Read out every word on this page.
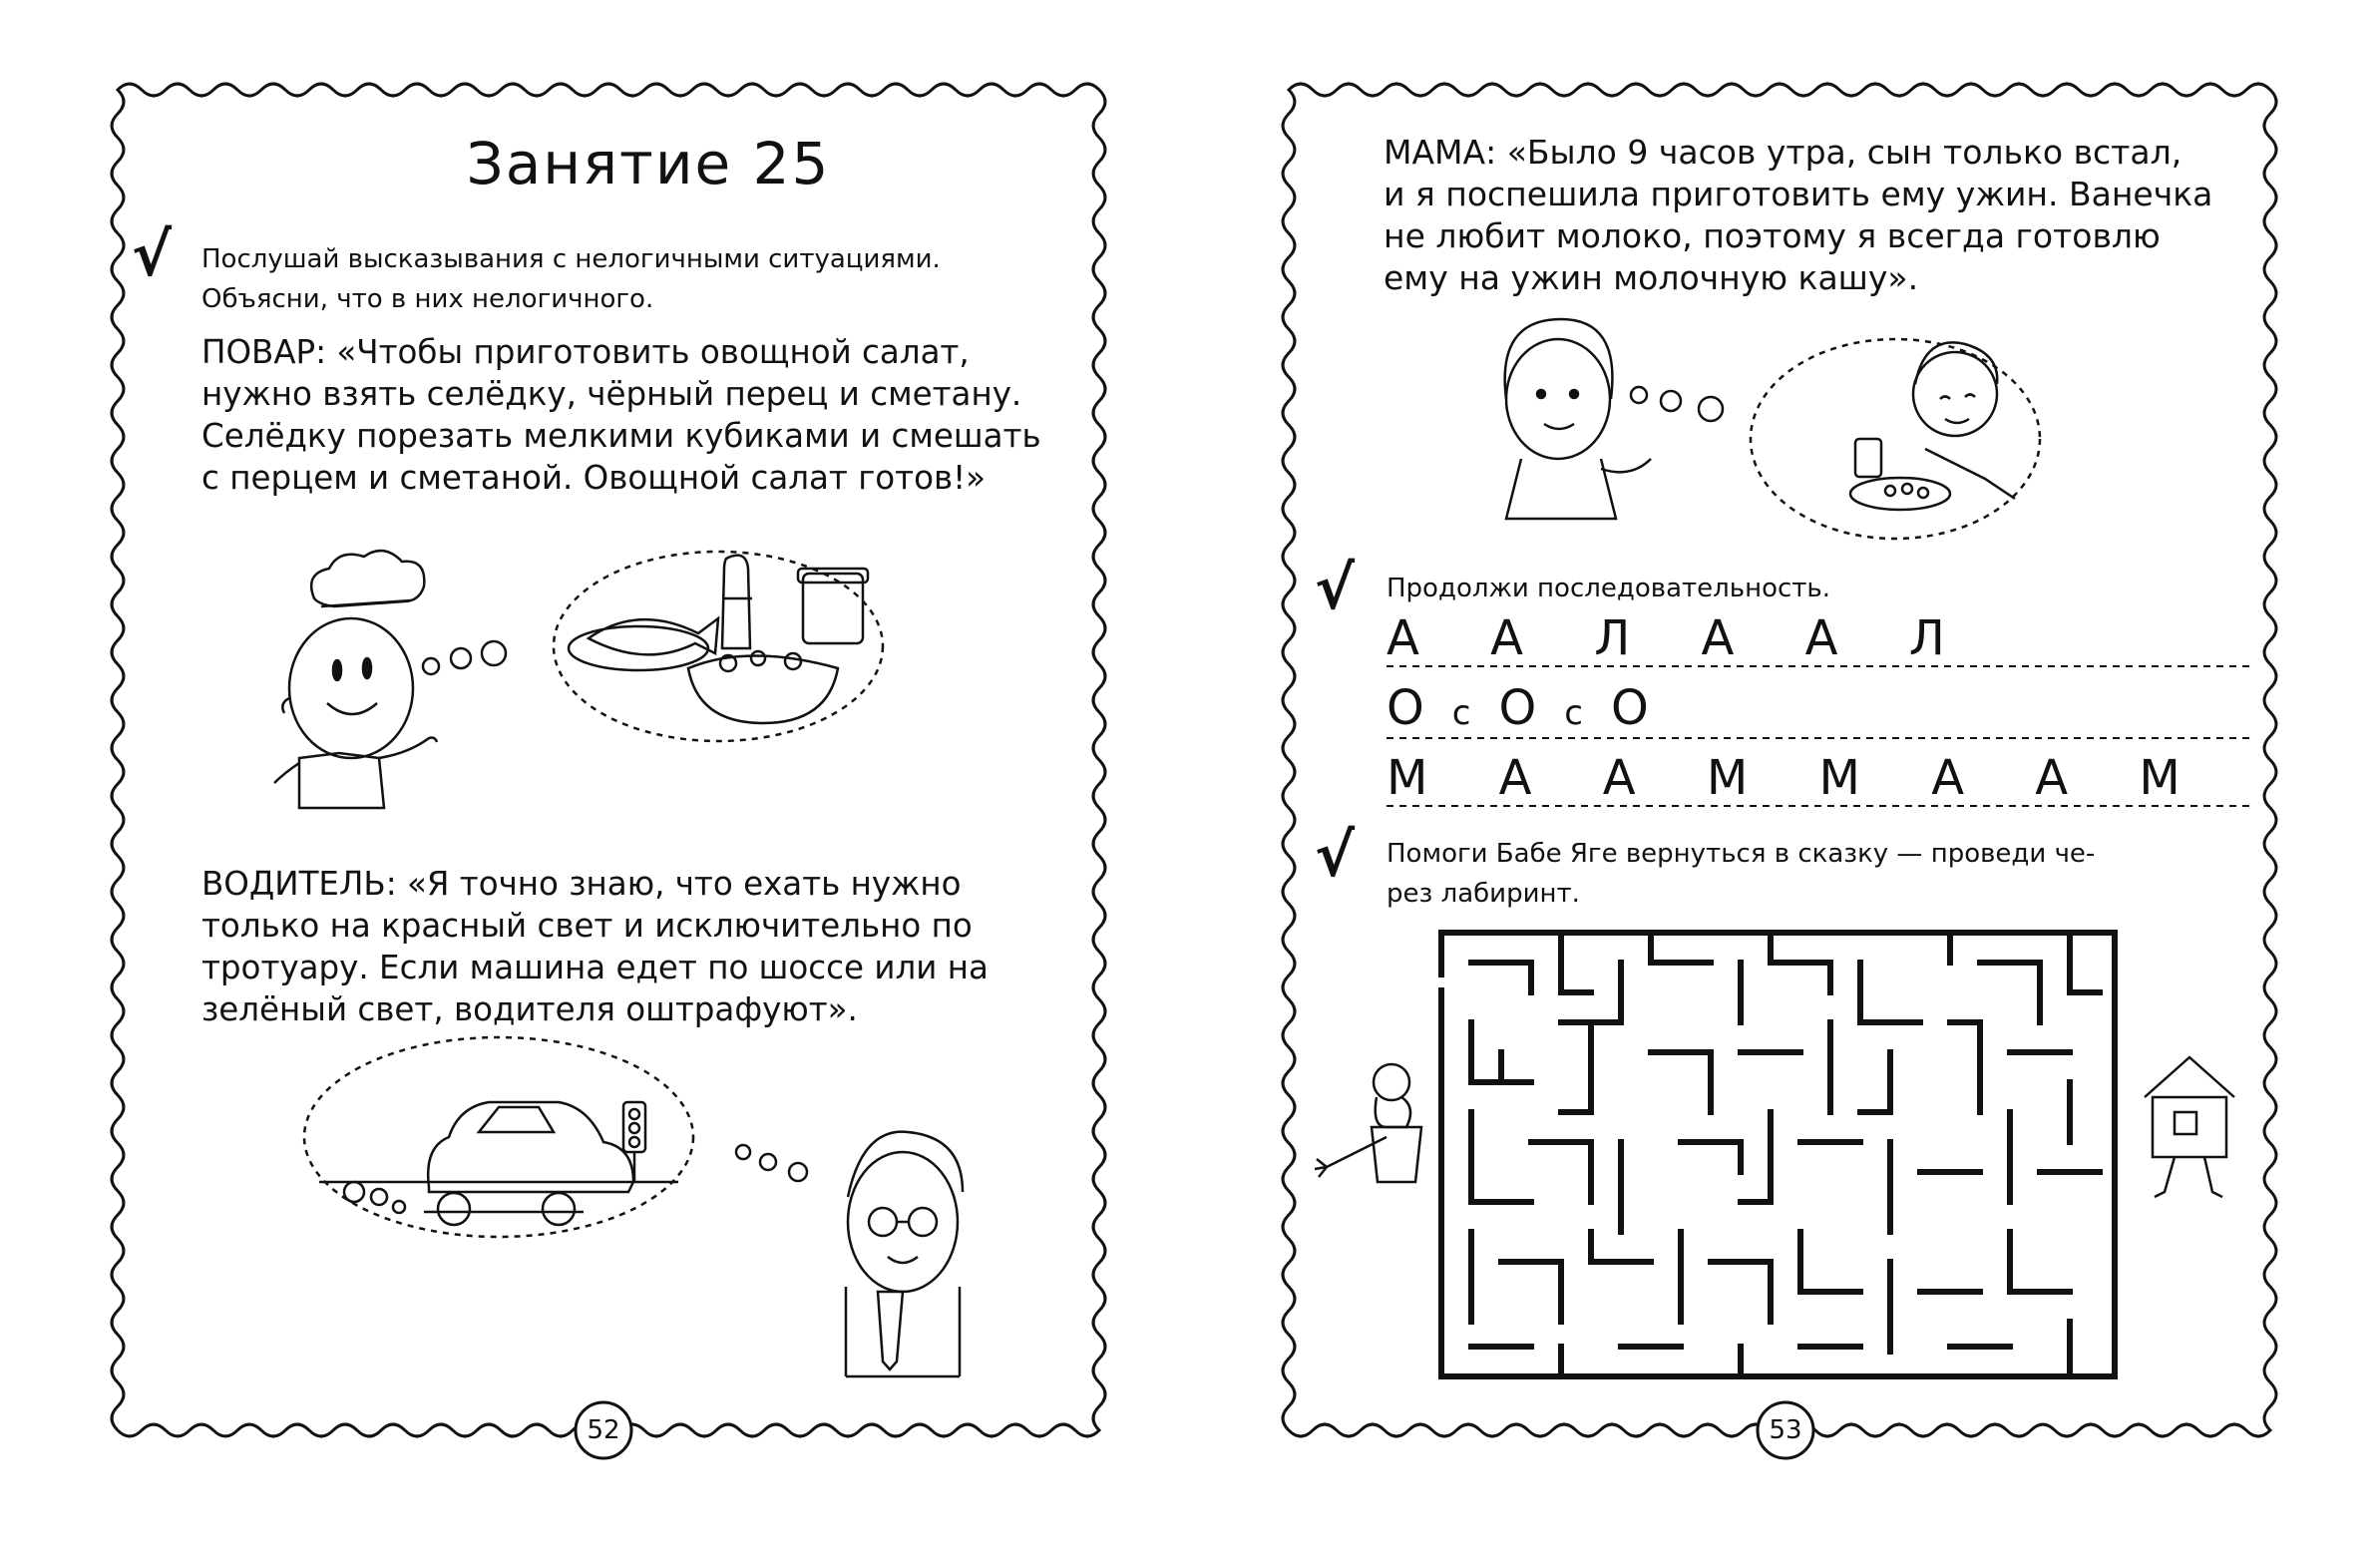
Занятие 25
√ Послушай высказывания с нелогичными ситуациями.
Объясни, что в них нелогичного.
ПОВАР: «Чтобы приготовить овощной салат,
нужно взять селёдку, чёрный перец и сметану.
Селёдку порезать мелкими кубиками и смешать
с перцем и сметаной. Овощной салат готов!»
ВОДИТЕЛЬ: «Я точно знаю, что ехать нужно
только на красный свет и исключительно по
тротуару. Если машина едет по шоссе или на
зелёный свет, водителя оштрафуют».
52
МАМА: «Было 9 часов утра, сын только встал,
и я поспешила приготовить ему ужин. Ванечка
не любит молоко, поэтому я всегда готовлю
ему на ужин молочную кашу».
√ Продолжи последовательность.
А А Л А А Л
ОсОсО
М А А М М А А М
√ Помоги Бабе Яге вернуться в сказку — проведи че-
рез лабиринт.
53
